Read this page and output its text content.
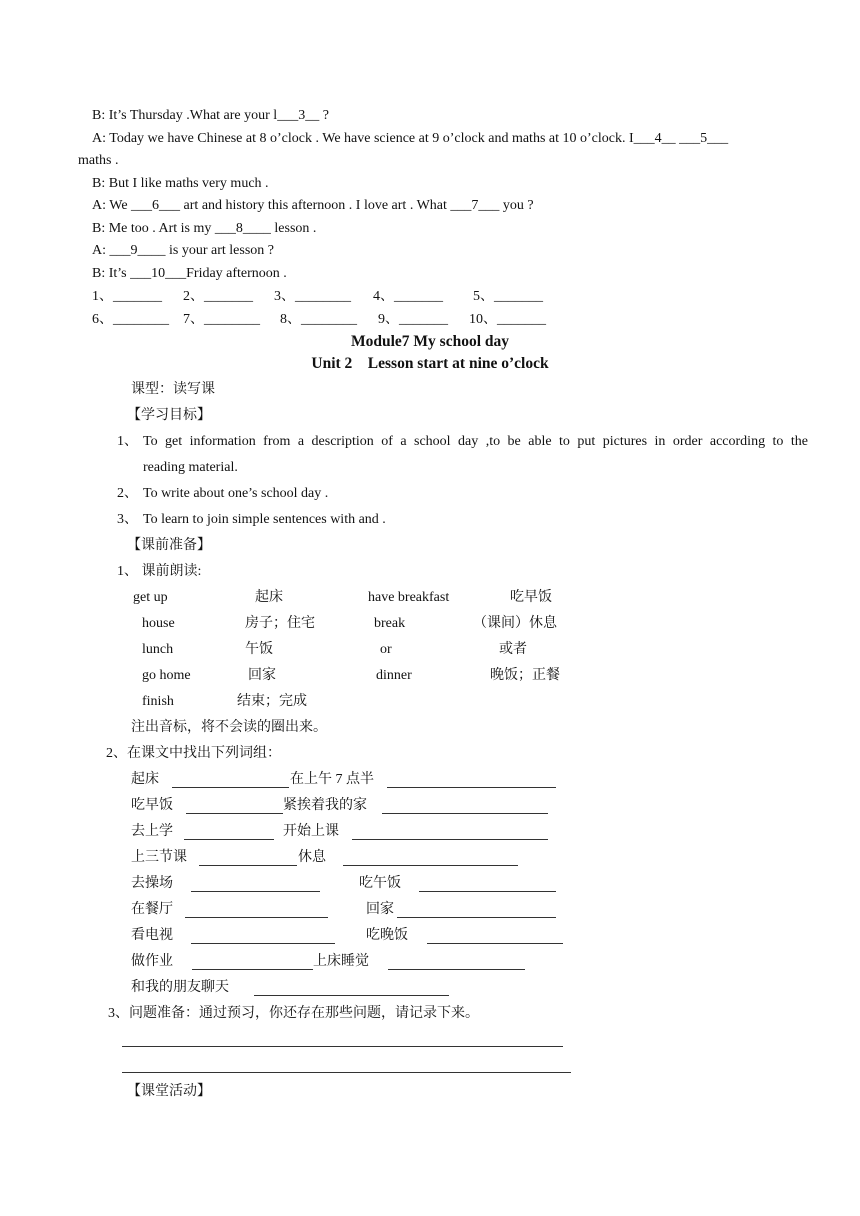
B: It’s Thursday .What are your l___3__ ?
A: Today we have Chinese at 8 o’clock . We have science at 9 o’clock and maths at 10 o’clock. I___4__ ___5___
maths .
B: But I like maths very much .
A: We ___6___ art and history this afternoon . I love art . What ___7___ you ?
B: Me too . Art is my ___8____ lesson .
A: ___9____ is your art lesson ?
B: It’s ___10___Friday afternoon .
1、_______ 2、_______ 3、________ 4、_______ 5、_______
6、________ 7、________ 8、________ 9、_______ 10、_______
Module7 My school day
Unit 2    Lesson start at nine o’clock
课型：读写课
【学习目标】
1、 To get information from a description of a school day ,to be able to put pictures in order according to the
reading material.
2、 To write about one’s school day .
3、 To learn to join simple sentences with and .
【课前准备】
1、 课前朗读:
get up	起床	have breakfast	吃早饭
house	房子；住宅	break	（课间）休息
lunch	午饭	or	或者
go home	回家	dinner	晚饭；正餐
finish	结束；完成
注出音标，将不会读的圈出来。
2、在课文中找出下列词组：
起床	在上午 7 点半
吃早饭	紧挨着我的家
去上学	开始上课
上三节课	休息
去操场	吃午饭
在餐厅	回家
看电视	吃晚饭
做作业	上床睡觉
和我的朋友聊天
3、问题准备：通过预习，你还存在那些问题，请记录下来。
【课堂活动】
